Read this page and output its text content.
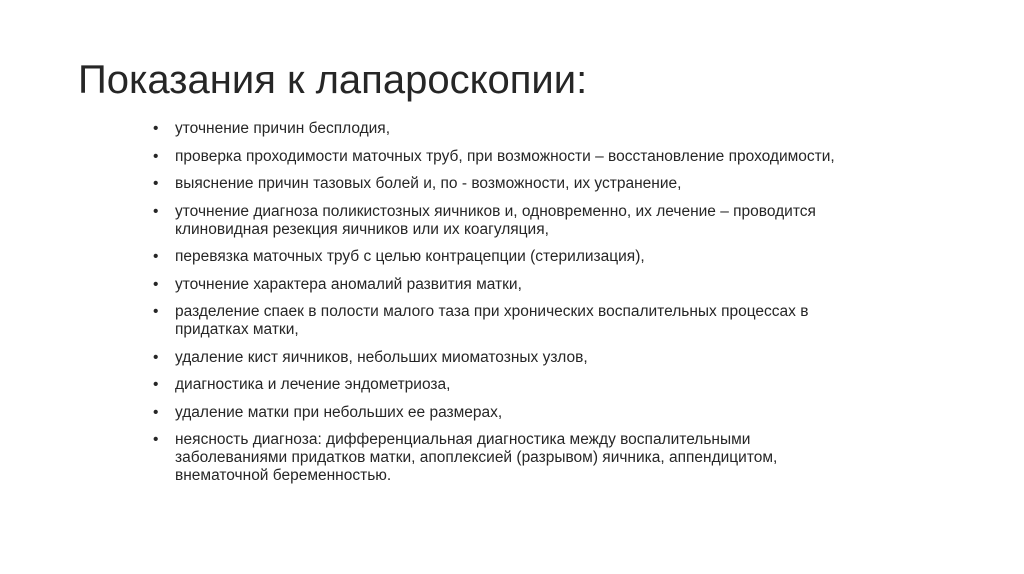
Показания к лапароскопии:
• уточнение причин бесплодия,
• проверка проходимости маточных труб, при возможности – восстановление проходимости,
• выяснение причин тазовых болей и, по - возможности, их устранение,
• уточнение диагноза поликистозных яичников и, одновременно, их лечение – проводится клиновидная резекция яичников или их коагуляция,
• перевязка маточных труб с целью контрацепции (стерилизация),
• уточнение характера аномалий развития матки,
• разделение спаек в полости малого таза при хронических воспалительных процессах в придатках матки,
• удаление кист яичников, небольших миоматозных узлов,
• диагностика и лечение эндометриоза,
• удаление матки при небольших ее размерах,
• неясность диагноза: дифференциальная диагностика между воспалительными заболеваниями придатков матки, апоплексией (разрывом) яичника, аппендицитом, внематочной беременностью.
